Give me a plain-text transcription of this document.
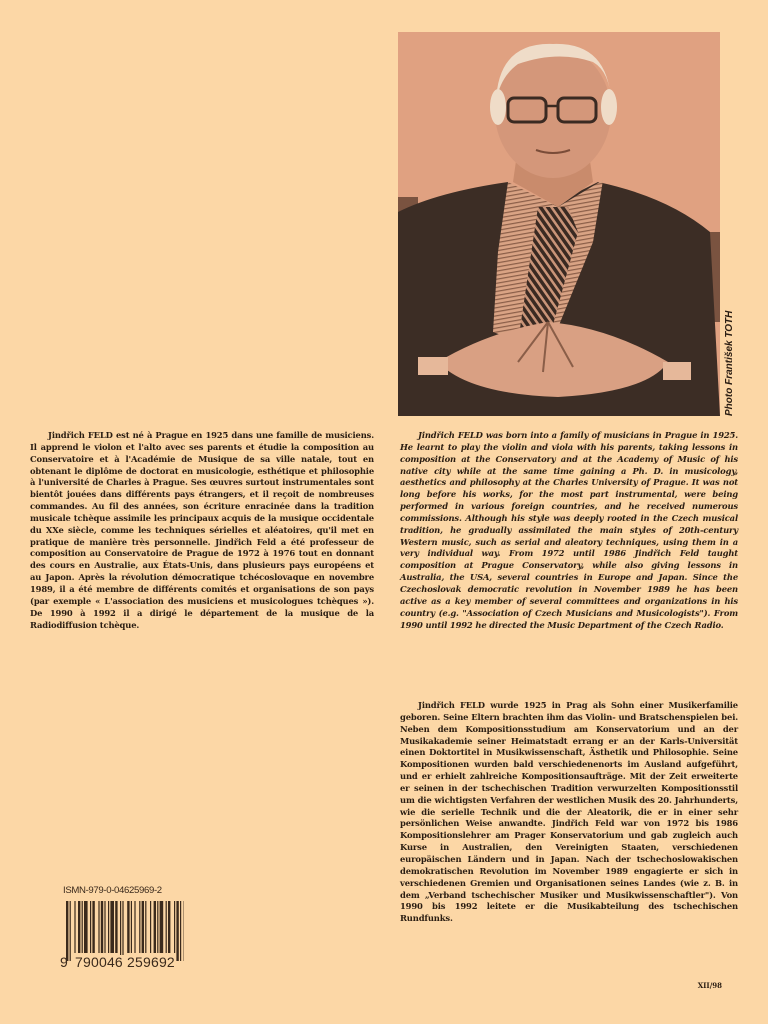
Photo František TOTH

Jindřich FELD est né à Prague en 1925 dans une famille de musiciens. Il apprend le violon et l'alto avec ses parents et étudie la composition au Conservatoire et à l'Académie de Musique de sa ville natale, tout en obtenant le diplôme de doctorat en musicologie, esthétique et philosophie à l'université de Charles à Prague. Ses œuvres surtout instrumentales sont bientôt jouées dans différents pays étrangers, et il reçoit de nombreuses commandes. Au fil des années, son écriture enracinée dans la tradition musicale tchèque assimile les principaux acquis de la musique occidentale du XXe siècle, comme les techniques sérielles et aléatoires, qu'il met en pratique de manière très personnelle. Jindřich Feld a été professeur de composition au Conservatoire de Prague de 1972 à 1976 tout en donnant des cours en Australie, aux États-Unis, dans plusieurs pays européens et au Japon. Après la révolution démocratique tchécoslovaque en novembre 1989, il a été membre de différents comités et organisations de son pays (par exemple « L'association des musiciens et musicologues tchèques »). De 1990 à 1992 il a dirigé le département de la musique de la Radiodiffusion tchèque.

Jindřich FELD was born into a family of musicians in Prague in 1925. He learnt to play the violin and viola with his parents, taking lessons in composition at the Conservatory and at the Academy of Music of his native city while at the same time gaining a Ph. D. in musicology, aesthetics and philosophy at the Charles University of Prague. It was not long before his works, for the most part instrumental, were being performed in various foreign countries, and he received numerous commissions. Although his style was deeply rooted in the Czech musical tradition, he gradually assimilated the main styles of 20th-century Western music, such as serial and aleatory techniques, using them in a very individual way. From 1972 until 1986 Jindřich Feld taught composition at Prague Conservatory, while also giving lessons in Australia, the USA, several countries in Europe and Japan. Since the Czechoslovak democratic revolution in November 1989 he has been active as a key member of several committees and organizations in his country (e.g. "Association of Czech Musicians and Musicologists"). From 1990 until 1992 he directed the Music Department of the Czech Radio.

Jindřich FELD wurde 1925 in Prag als Sohn einer Musikerfamilie geboren. Seine Eltern brachten ihm das Violin- und Bratschenspielen bei. Neben dem Kompositionsstudium am Konservatorium und an der Musikakademie seiner Heimatstadt errang er an der Karls-Universität einen Doktortitel in Musikwissenschaft, Ästhetik und Philosophie. Seine Kompositionen wurden bald verschiedenenorts im Ausland aufgeführt, und er erhielt zahlreiche Kompositionsaufträge. Mit der Zeit erweiterte er seinen in der tschechischen Tradition verwurzelten Kompositionsstil um die wichtigsten Verfahren der westlichen Musik des 20. Jahrhunderts, wie die serielle Technik und die der Aleatorik, die er in einer sehr persönlichen Weise anwandte. Jindřich Feld war von 1972 bis 1986 Kompositionslehrer am Prager Konservatorium und gab zugleich auch Kurse in Australien, den Vereinigten Staaten, verschiedenen europäischen Ländern und in Japan. Nach der tschechoslowakischen demokratischen Revolution im November 1989 engagierte er sich in verschiedenen Gremien und Organisationen seines Landes (wie z. B. in dem „Verband tschechischer Musiker und Musikwissenschaftler"). Von 1990 bis 1992 leitete er die Musikabteilung des tschechischen Rundfunks.

ISMN-979-0-04625969-2
9 790046 259692
XII/98
